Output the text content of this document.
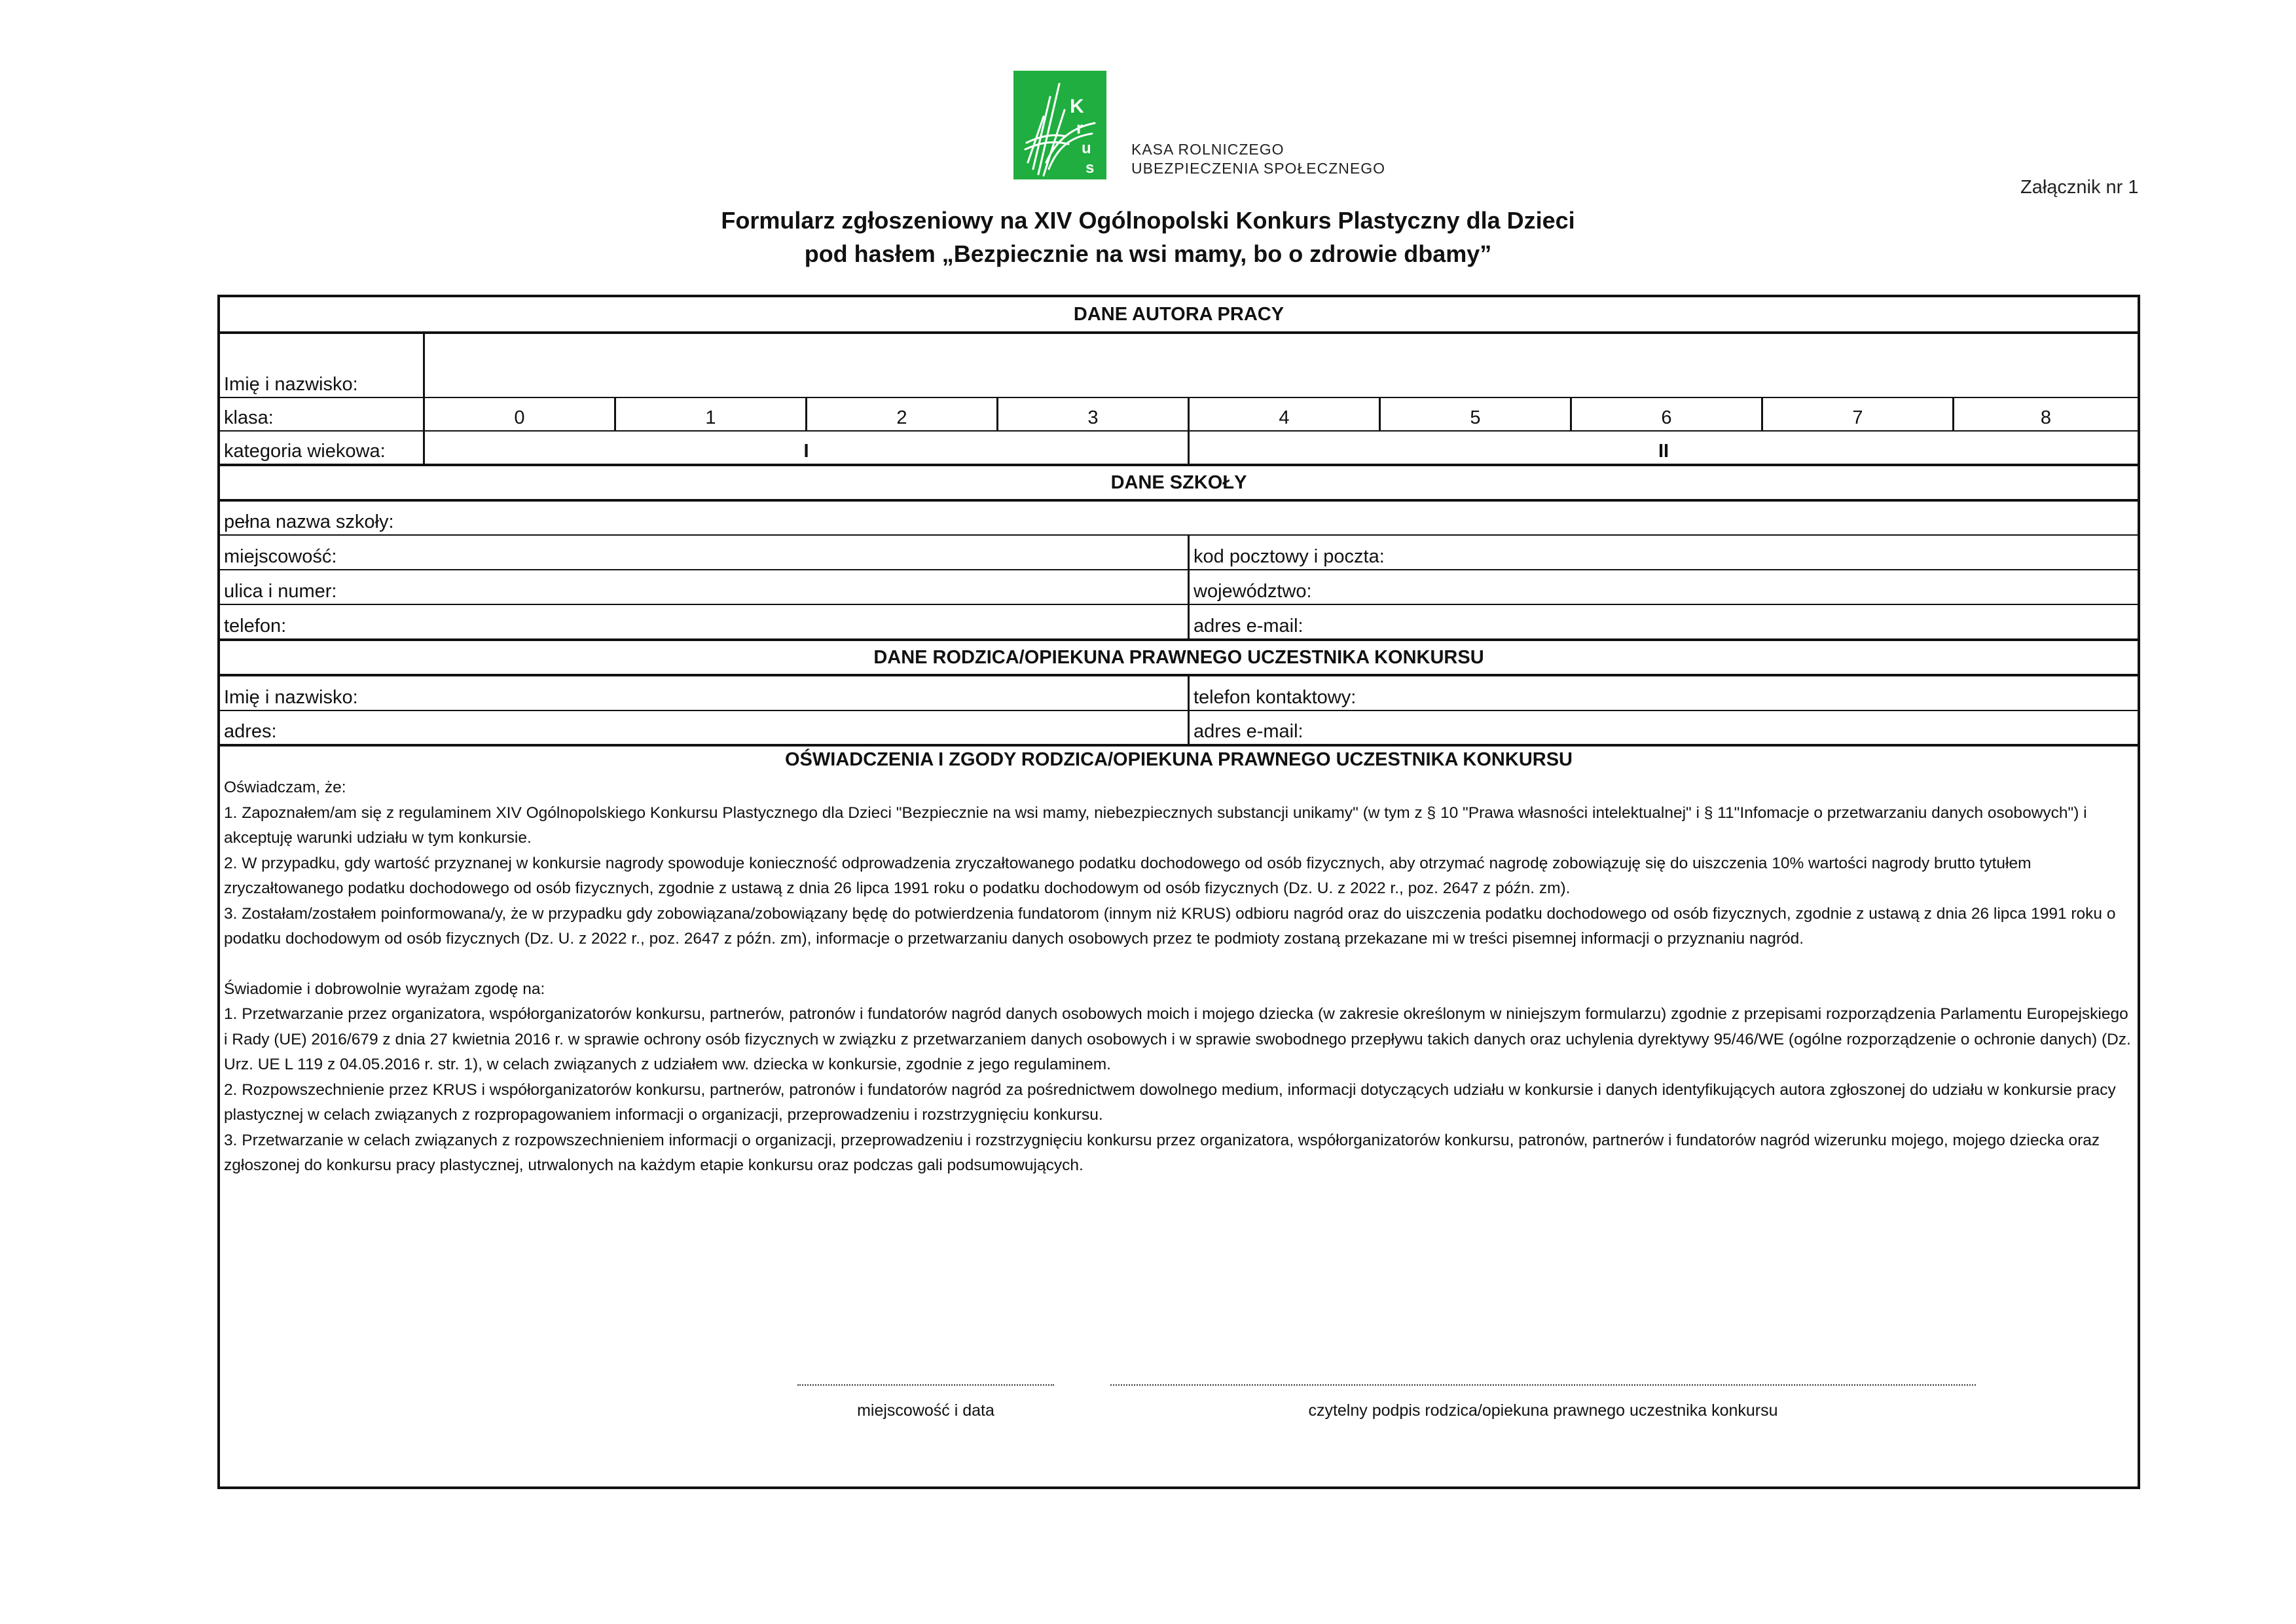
K
r
u
s
KASA ROLNICZEGO
UBEZPIECZENIA SPOŁECZNEGO
Załącznik nr 1
Formularz zgłoszeniowy na XIV Ogólnopolski Konkurs Plastyczny dla Dzieci
pod hasłem „Bezpiecznie na wsi mamy, bo o zdrowie dbamy”
DANE AUTORA PRACY
Imię i nazwisko:
klasa:	0	1	2	3	4	5	6	7	8
kategoria wiekowa:	I	II
DANE SZKOŁY
pełna nazwa szkoły:
miejscowość:	kod pocztowy i poczta:
ulica i numer:	województwo:
telefon:	adres e-mail:
DANE RODZICA/OPIEKUNA PRAWNEGO UCZESTNIKA KONKURSU
Imię i nazwisko:	telefon kontaktowy:
adres:	adres e-mail:
OŚWIADCZENIA I ZGODY RODZICA/OPIEKUNA PRAWNEGO UCZESTNIKA KONKURSU

Oświadczam, że:

1. Zapoznałem/am się z regulaminem XIV Ogólnopolskiego Konkursu Plastycznego dla Dzieci "Bezpiecznie na wsi mamy, niebezpiecznych substancji unikamy" (w tym z § 10 "Prawa własności intelektualnej" i § 11"Infomacje o przetwarzaniu danych osobowych") i akceptuję warunki udziału w tym konkursie.

2. W przypadku, gdy wartość przyznanej w konkursie nagrody spowoduje konieczność odprowadzenia zryczałtowanego podatku dochodowego od osób fizycznych, aby otrzymać nagrodę zobowiązuję się do uiszczenia 10% wartości nagrody brutto tytułem zryczałtowanego podatku dochodowego od osób fizycznych, zgodnie z ustawą z dnia 26 lipca 1991 roku o podatku dochodowym od osób fizycznych (Dz. U. z 2022 r., poz. 2647 z późn. zm).

3. Zostałam/zostałem poinformowana/y, że w przypadku gdy zobowiązana/zobowiązany będę do potwierdzenia fundatorom (innym niż KRUS) odbioru nagród oraz do uiszczenia podatku dochodowego od osób fizycznych, zgodnie z ustawą z dnia 26 lipca 1991 roku o podatku dochodowym od osób fizycznych (Dz. U. z 2022 r., poz. 2647 z późn. zm), informacje o przetwarzaniu danych osobowych przez te podmioty zostaną przekazane mi w treści pisemnej informacji o przyznaniu nagród.

Świadomie i dobrowolnie wyrażam zgodę na:

1. Przetwarzanie przez organizatora, współorganizatorów konkursu, partnerów, patronów i fundatorów nagród danych osobowych moich i mojego dziecka (w zakresie określonym w niniejszym formularzu) zgodnie z przepisami rozporządzenia Parlamentu Europejskiego i Rady (UE) 2016/679 z dnia 27 kwietnia 2016 r. w sprawie ochrony osób fizycznych w związku z przetwarzaniem danych osobowych i w sprawie swobodnego przepływu takich danych oraz uchylenia dyrektywy 95/46/WE (ogólne rozporządzenie o ochronie danych) (Dz. Urz. UE L 119 z 04.05.2016 r. str. 1), w celach związanych z udziałem ww. dziecka w konkursie, zgodnie z jego regulaminem.

2. Rozpowszechnienie przez KRUS i współorganizatorów konkursu, partnerów, patronów i fundatorów nagród za pośrednictwem dowolnego medium, informacji dotyczących udziału w konkursie i danych identyfikujących autora zgłoszonej do udziału w konkursie pracy plastycznej w celach związanych z rozpropagowaniem informacji o organizacji, przeprowadzeniu i rozstrzygnięciu konkursu.

3. Przetwarzanie w celach związanych z rozpowszechnieniem informacji o organizacji, przeprowadzeniu i rozstrzygnięciu konkursu przez organizatora, współorganizatorów konkursu, patronów, partnerów i fundatorów nagród wizerunku mojego, mojego dziecka oraz zgłoszonej do konkursu pracy plastycznej, utrwalonych na każdym etapie konkursu oraz podczas gali podsumowujących.

miejscowość i data	czytelny podpis rodzica/opiekuna prawnego uczestnika konkursu
